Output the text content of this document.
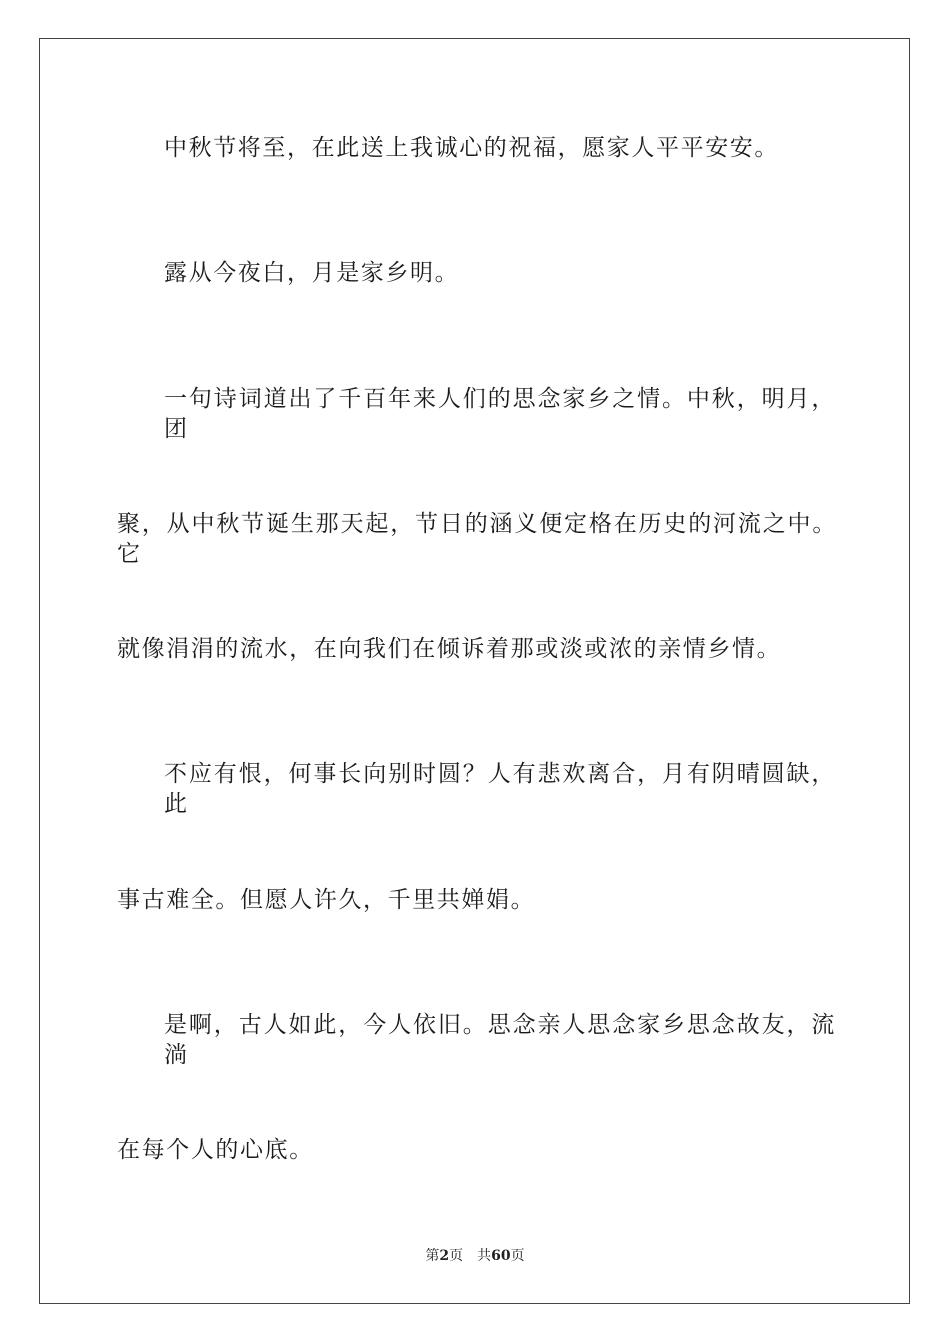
中秋节将至，在此送上我诚心的祝福，愿家人平平安安。
露从今夜白，月是家乡明。
一句诗词道出了千百年来人们的思念家乡之情。中秋，明月，团
聚，从中秋节诞生那天起，节日的涵义便定格在历史的河流之中。它
就像涓涓的流水，在向我们在倾诉着那或淡或浓的亲情乡情。
不应有恨，何事长向别时圆？人有悲欢离合，月有阴晴圆缺，此
事古难全。但愿人许久，千里共婵娟。
是啊，古人如此，今人依旧。思念亲人思念家乡思念故友，流淌
在每个人的心底。
第2页 共60页
